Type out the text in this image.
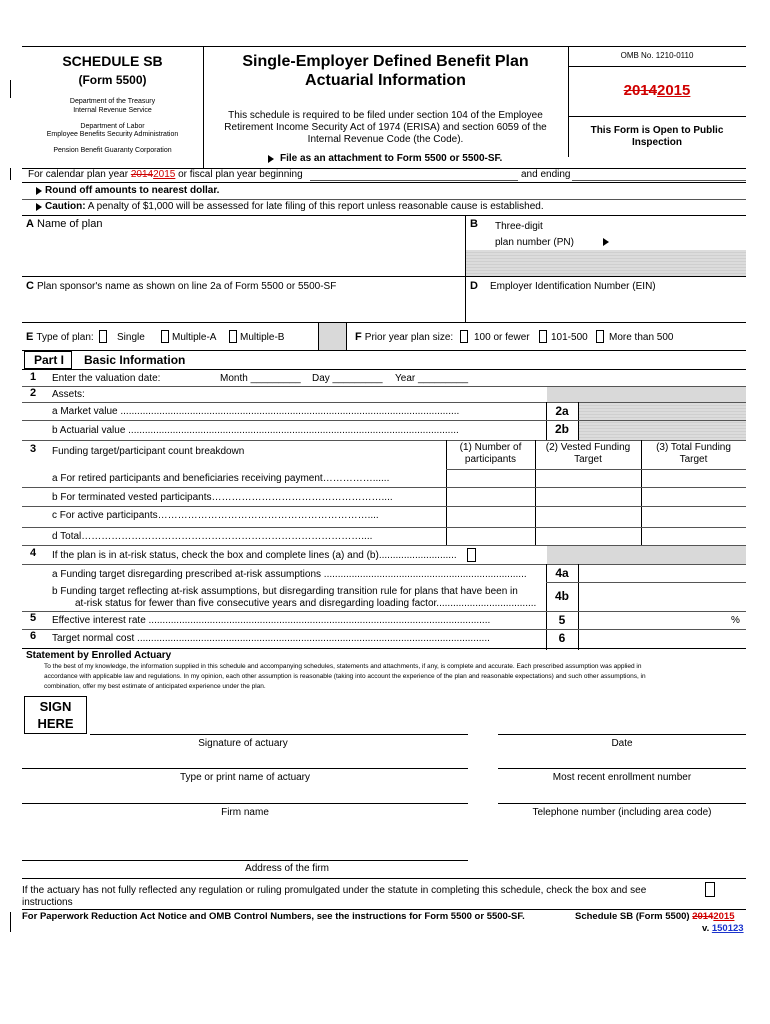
SCHEDULE SB
(Form 5500)
Department of the Treasury
Internal Revenue Service
Department of Labor
Employee Benefits Security Administration
Pension Benefit Guaranty Corporation
Single-Employer Defined Benefit Plan
Actuarial Information
This schedule is required to be filed under section 104 of the Employee
Retirement Income Security Act of 1974 (ERISA) and section 6059 of the
Internal Revenue Code (the Code).
File as an attachment to Form 5500 or 5500-SF.
OMB No. 1210-0110
20142015
This Form is Open to Public
Inspection
For calendar plan year 20142015 or fiscal plan year beginning	and ending
Round off amounts to nearest dollar.
Caution: A penalty of $1,000 will be assessed for late filing of this report unless reasonable cause is established.
A Name of plan	B Three-digit
plan number (PN)
C Plan sponsor's name as shown on line 2a of Form 5500 or 5500-SF	D Employer Identification Number (EIN)
E Type of plan: Single	Multiple-A Multiple-B	F Prior year plan size: 100 or fewer 101-500 More than 500
Part I Basic Information
1 Enter the valuation date:	Month _________ Day _________ Year _________
2 Assets:
a Market value ..........................................................................................................................	2a
b Actuarial value .......................................................................................................................	2b
3 Funding target/participant count breakdown	(1) Number of participants
(2) Vested Funding Target
(3) Total Funding Target
a For retired participants and beneficiaries receiving payment……………......
b For terminated vested participants……………………………………………....
c For active participants………………………………………………………....
d Total…………………………………………………………………………....
4 If the plan is in at-risk status, check the box and complete lines (a) and (b)............................
a Funding target disregarding prescribed at-risk assumptions .........................................................................	4a
b Funding target reflecting at-risk assumptions, but disregarding transition rule for plans that have been in
at-risk status for fewer than five consecutive years and disregarding loading factor....................................
4b
5 Effective interest rate ...........................................................................................................................	5	%
6 Target normal cost ...............................................................................................................................	6
Statement by Enrolled Actuary
To the best of my knowledge, the information supplied in this schedule and accompanying schedules, statements and attachments, if any, is complete and accurate. Each prescribed assumption was applied in
accordance with applicable law and regulations. In my opinion, each other assumption is reasonable (taking into account the experience of the plan and reasonable expectations) and such other assumptions, in
combination, offer my best estimate of anticipated experience under the plan.
SIGN
HERE
Signature of actuary	Date
Type or print name of actuary	Most recent enrollment number
Firm name	Telephone number (including area code)
Address of the firm
If the actuary has not fully reflected any regulation or ruling promulgated under the statute in completing this schedule, check the box and see
instructions
For Paperwork Reduction Act Notice and OMB Control Numbers, see the instructions for Form 5500 or 5500-SF.	Schedule SB (Form 5500) 20142015
v. 150123
